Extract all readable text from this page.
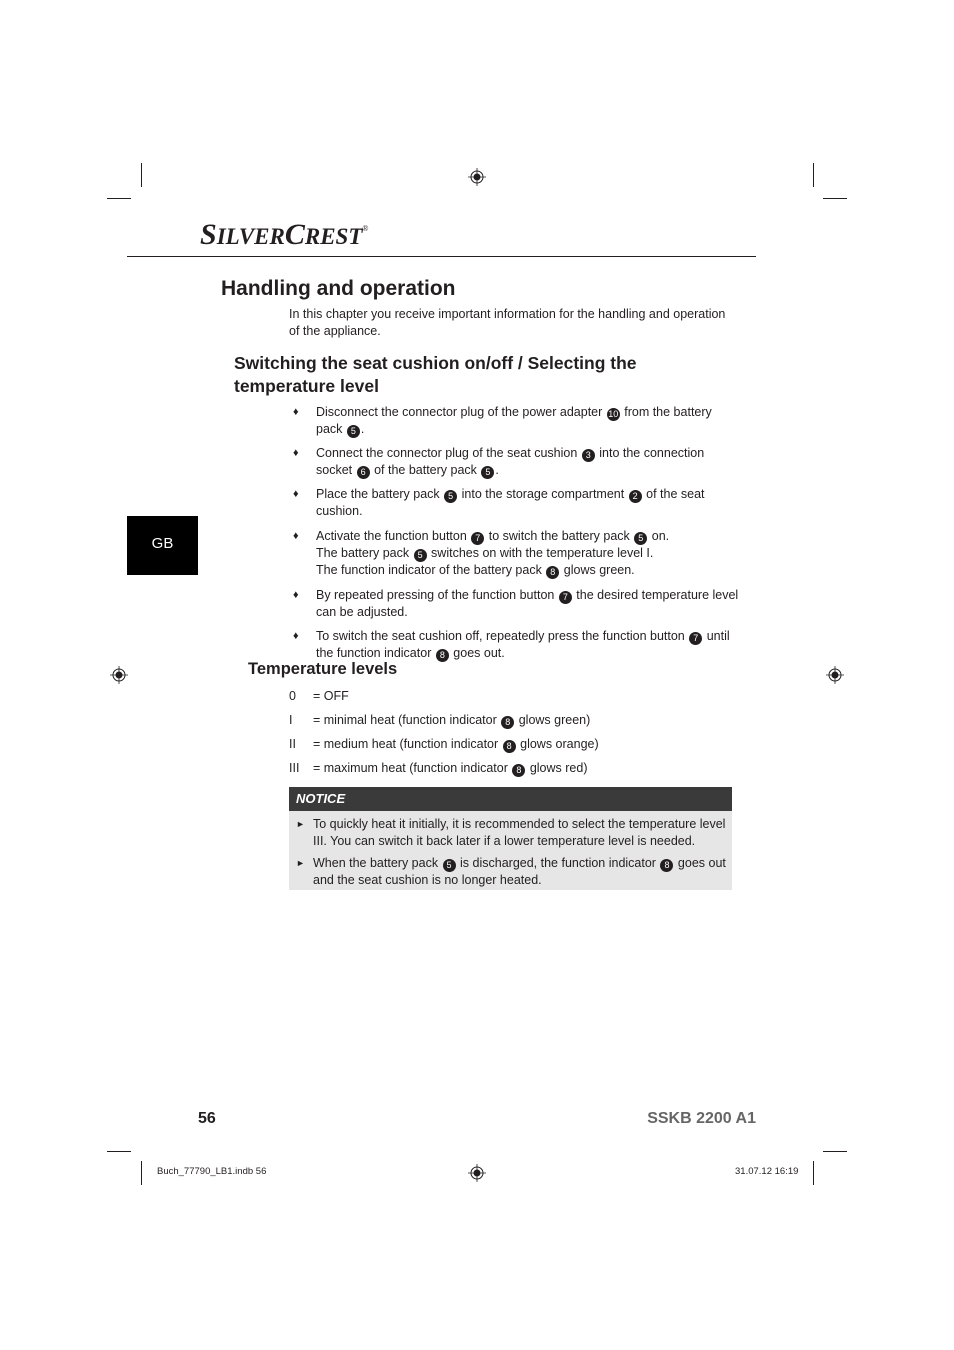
SILVERCREST®
Handling and operation

In this chapter you receive important information for the handling and operation of the appliance.

Switching the seat cushion on/off / Selecting the
temperature level
♦ Disconnect the connector plug of the power adapter 10 from the battery pack 5 .
♦ Connect the connector plug of the seat cushion 3 into the connection socket 6 of the battery pack 5 .
♦ Place the battery pack 5 into the storage compartment 2 of the seat cushion.
♦ Activate the function button 7 to switch the battery pack 5 on.
The battery pack 5 switches on with the temperature level I.
The function indicator of the battery pack 8 glows green.
♦ By repeated pressing of the function button 7 the desired temperature level can be adjusted.
♦ To switch the seat cushion off, repeatedly press the function button 7 until the function indicator 8 goes out.
Temperature levels
0	= OFF
I	= minimal heat (function indicator 8 glows green)
II	= medium heat (function indicator 8 glows orange)
III	= maximum heat (function indicator 8 glows red)
NOTICE
► To quickly heat it initially, it is recommended to select the temperature level III. You can switch it back later if a lower temperature level is needed.
► When the battery pack 5 is discharged, the function indicator 8 goes out and the seat cushion is no longer heated.
GB
56	SSKB 2200 A1
Buch_77790_LB1.indb 56	31.07.12 16:19
